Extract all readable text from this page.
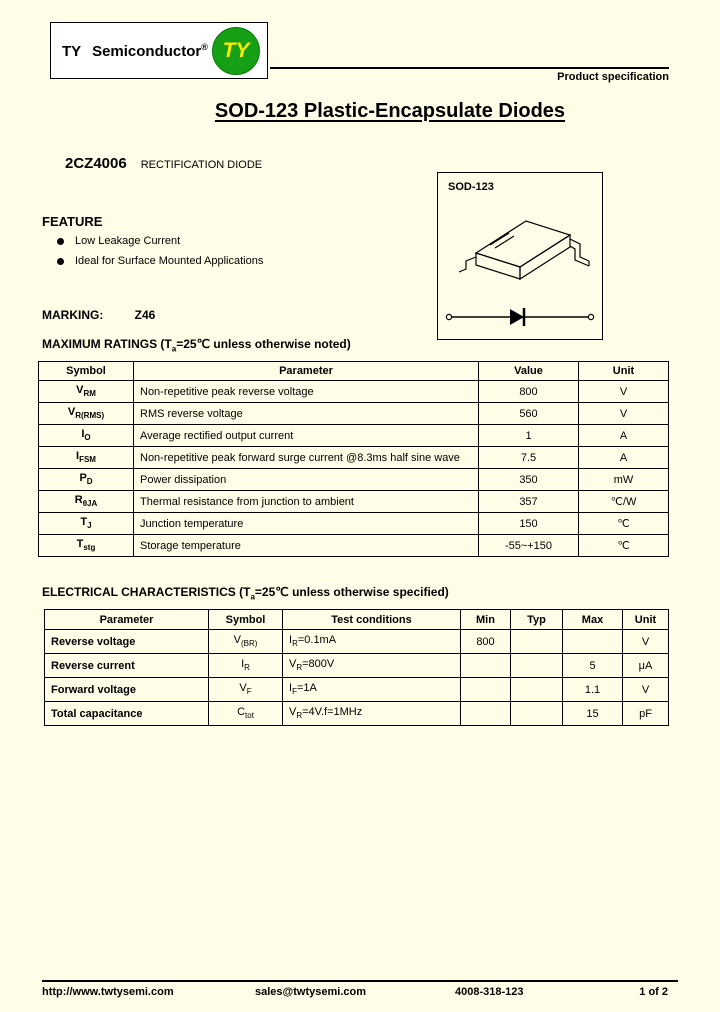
TY Semiconductor® TY
Product specification
SOD-123 Plastic-Encapsulate Diodes
2CZ4006 RECTIFICATION DIODE
SOD-123
FEATURE
Low Leakage Current
Ideal for Surface Mounted Applications
MARKING:	Z46
MAXIMUM RATINGS ($T_a=25℃$ unless otherwise noted)
Symbol	Parameter	Value	Unit
$V_{RM}$	Non-repetitive peak reverse voltage	800	V
$V_{R(RMS)}$	RMS reverse voltage	560	V
$I_O$	Average rectified output current	1	A
$I_{FSM}$	Non-repetitive peak forward surge current @8.3ms half sine wave	7.5	A
$P_D$	Power dissipation	350	mW
$R_{\theta JA}$	Thermal resistance from junction to ambient	357	℃/W
$T_J$	Junction temperature	150	℃
$T_{stg}$	Storage temperature	-55~+150	℃
ELECTRICAL CHARACTERISTICS ($T_a=25℃$ unless otherwise specified)
Parameter	Symbol	Test conditions	Min	Typ	Max	Unit
Reverse voltage	$V_{(BR)}$	$I_R=0.1mA$	800			V
Reverse current	$I_R$	$V_R=800V$			5	μA
Forward voltage	$V_F$	$I_F=1A$			1.1	V
Total capacitance	$C_{tot}$	$V_R=4V.f=1MHz$			15	pF
http://www.twtysemi.com	sales@twtysemi.com	4008-318-123	1 of 2
